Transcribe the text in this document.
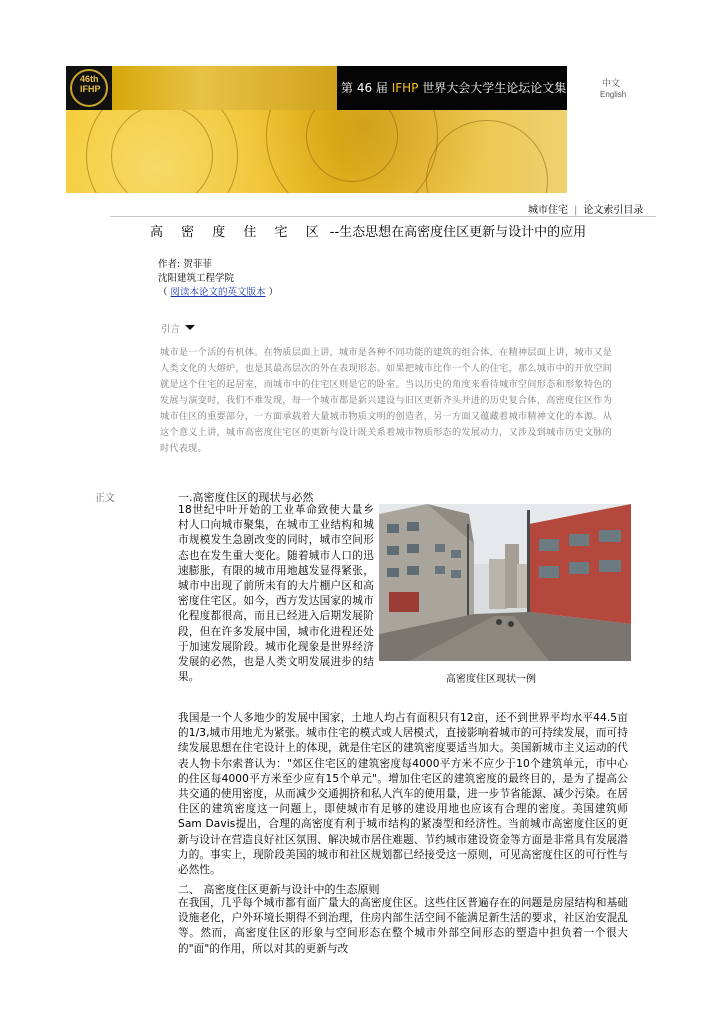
46th IFHP	第 46 届 IFHP 世界大会大学生论坛论文集	中文
English
城市住宅 | 论文索引目录
高 密 度 住 宅 区 --生态思想在高密度住区更新与设计中的应用
作者: 贺菲菲
沈阳建筑工程学院
（ 阅读本论文的英文版本 ）
引言
城市是一个活的有机体。在物质层面上讲，城市是各种不同功能的建筑的组合体，在精神层面上讲，城市又是人类文化的大熔炉，也是其最高层次的外在表现形态。如果把城市比作一个人的住宅，那么城市中的开放空间就是这个住宅的起居室，而城市中的住宅区则是它的卧室。当以历史的角度来看待城市空间形态和形象特色的发展与演变时，我们不难发现，每一个城市都是新兴建设与旧区更新齐头并进的历史复合体，高密度住区作为城市住区的重要部分，一方面承载着大量城市物质文明的创造者，另一方面又蕴藏着城市精神文化的本源。从这个意义上讲，城市高密度住宅区的更新与设计既关系着城市物质形态的发展动力，又涉及到城市历史文脉的时代表现。
正文	一.高密度住区的现状与必然
18世纪中叶开始的工业革命致使大量乡村人口向城市聚集，在城市工业结构和城市规模发生急剧改变的同时，城市空间形态也在发生重大变化。随着城市人口的迅速膨胀，有限的城市用地越发显得紧张，城市中出现了前所未有的大片棚户区和高密度住宅区。如今，西方发达国家的城市化程度都很高，而且已经进入后期发展阶段，但在许多发展中国，城市化进程还处于加速发展阶段。城市化现象是世界经济发展的必然，也是人类文明发展进步的结果。	高密度住区现状一例
我国是一个人多地少的发展中国家，土地人均占有面积只有12亩，还不到世界平均水平44.5亩的1/3,城市用地尤为紧张。城市住宅的模式或人居模式，直接影响着城市的可持续发展，而可持续发展思想在住宅设计上的体现，就是住宅区的建筑密度要适当加大。美国新城市主义运动的代表人物卡尔索普认为："郊区住宅区的建筑密度每4000平方米不应少于10个建筑单元，市中心的住区每4000平方米至少应有15个单元"。增加住宅区的建筑密度的最终目的，是为了提高公共交通的使用密度，从而减少交通拥挤和私人汽车的使用量，进一步节省能源、减少污染。在居住区的建筑密度这一问题上，即使城市有足够的建设用地也应该有合理的密度。美国建筑师Sam Davis提出，合理的高密度有利于城市结构的紧凑型和经济性。当前城市高密度住区的更新与设计在营造良好社区氛围、解决城市居住难题、节约城市建设资金等方面是非常具有发展潜力的。事实上，现阶段美国的城市和社区规划都已经接受这一原则，可见高密度住区的可行性与必然性。
二、 高密度住区更新与设计中的生态原则
在我国，几乎每个城市都有面广量大的高密度住区。这些住区普遍存在的问题是房屋结构和基础设施老化，户外环境长期得不到治理，住房内部生活空间不能满足新生活的要求，社区治安混乱等。然而，高密度住区的形象与空间形态在整个城市外部空间形态的塑造中担负着一个很大的"面"的作用，所以对其的更新与改
